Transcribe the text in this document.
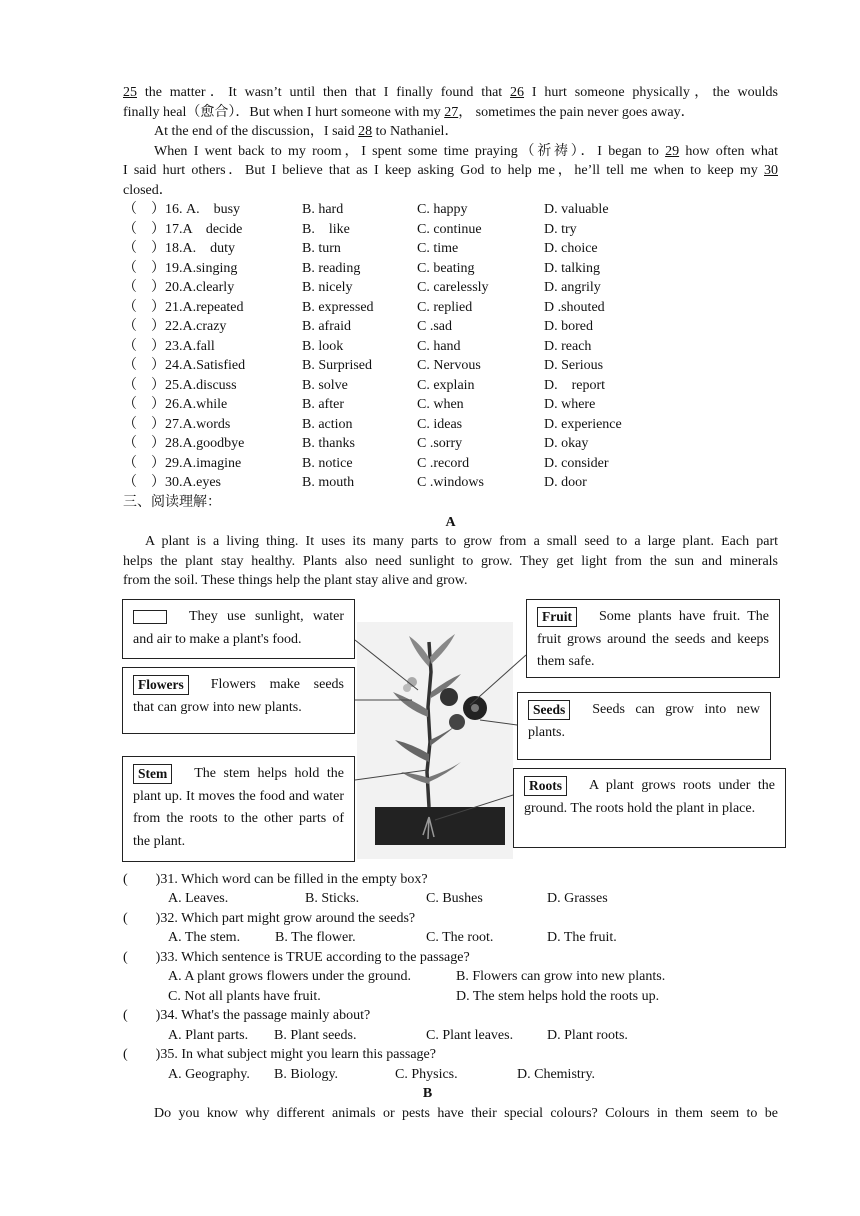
25 the matter．It wasn’t until then that I finally found that 26 I hurt someone physically，the woulds
finally heal（愈合）．But when I hurt someone with my 27， sometimes the pain never goes away．
At the end of the discussion，I said 28 to Nathaniel．
When I went back to my room，I spent some time praying（祈祷）．I began to 29 how often what
I said hurt others．But I believe that as I keep asking God to help me，he’ll tell me when to keep my 30
closed．
（　）16. A.　busy	B. hard	C. happy	D. valuable
（　）17.A　decide	B.　like	C. continue	D. try
（　）18.A.　duty	B. turn	C. time	D. choice
（　）19.A.singing	B. reading	C. beating	D. talking
（　）20.A.clearly	B. nicely	C. carelessly	D. angrily
（　）21.A.repeated	B. expressed	C. replied	D .shouted
（　）22.A.crazy	B. afraid	C .sad	D. bored
（　）23.A.fall	B. look	C. hand	D. reach
（　）24.A.Satisfied	B. Surprised	C. Nervous	D. Serious
（　）25.A.discuss	B. solve	C. explain	D.　report
（　）26.A.while	B. after	C. when	D. where
（　）27.A.words	B. action	C. ideas	D. experience
（　）28.A.goodbye	B. thanks	C .sorry	D. okay
（　）29.A.imagine	B. notice	C .record	D. consider
（　）30.A.eyes	B. mouth	C .windows	D. door
三、阅读理解：
A
A plant is a living thing. It uses its many parts to grow from a small seed to a large plant. Each part
helps the plant stay healthy. Plants also need sunlight to grow. They get light from the sun and minerals
from the soil. These things help the plant stay alive and grow.
They use sunlight, water and air to make a plant's food.
Flowers Flowers make seeds that can grow into new plants.
Stem The stem helps hold the plant up. It moves the food and water from the roots to the other parts of the plant.
Fruit Some plants have fruit. The fruit grows around the seeds and keeps them safe.
Seeds Seeds can grow into new plants.
Roots A plant grows roots under the ground. The roots hold the plant in place.
(　　)31. Which word can be filled in the empty box?
A. Leaves.	B. Sticks.	C. Bushes	D. Grasses
(　　)32. Which part might grow around the seeds?
A. The stem. B. The flower.	C. The root.	D. The fruit.
(　　)33. Which sentence is TRUE according to the passage?
A. A plant grows flowers under the ground.	B. Flowers can grow into new plants.
C. Not all plants have fruit.	D. The stem helps hold the roots up.
(　　)34. What's the passage mainly about?
A. Plant parts. B. Plant seeds.	C. Plant leaves. D. Plant roots.
(　　)35. In what subject might you learn this passage?
A. Geography. B. Biology.	C. Physics.	D. Chemistry.
B
Do you know why different animals or pests have their special colours? Colours in them seem to be
